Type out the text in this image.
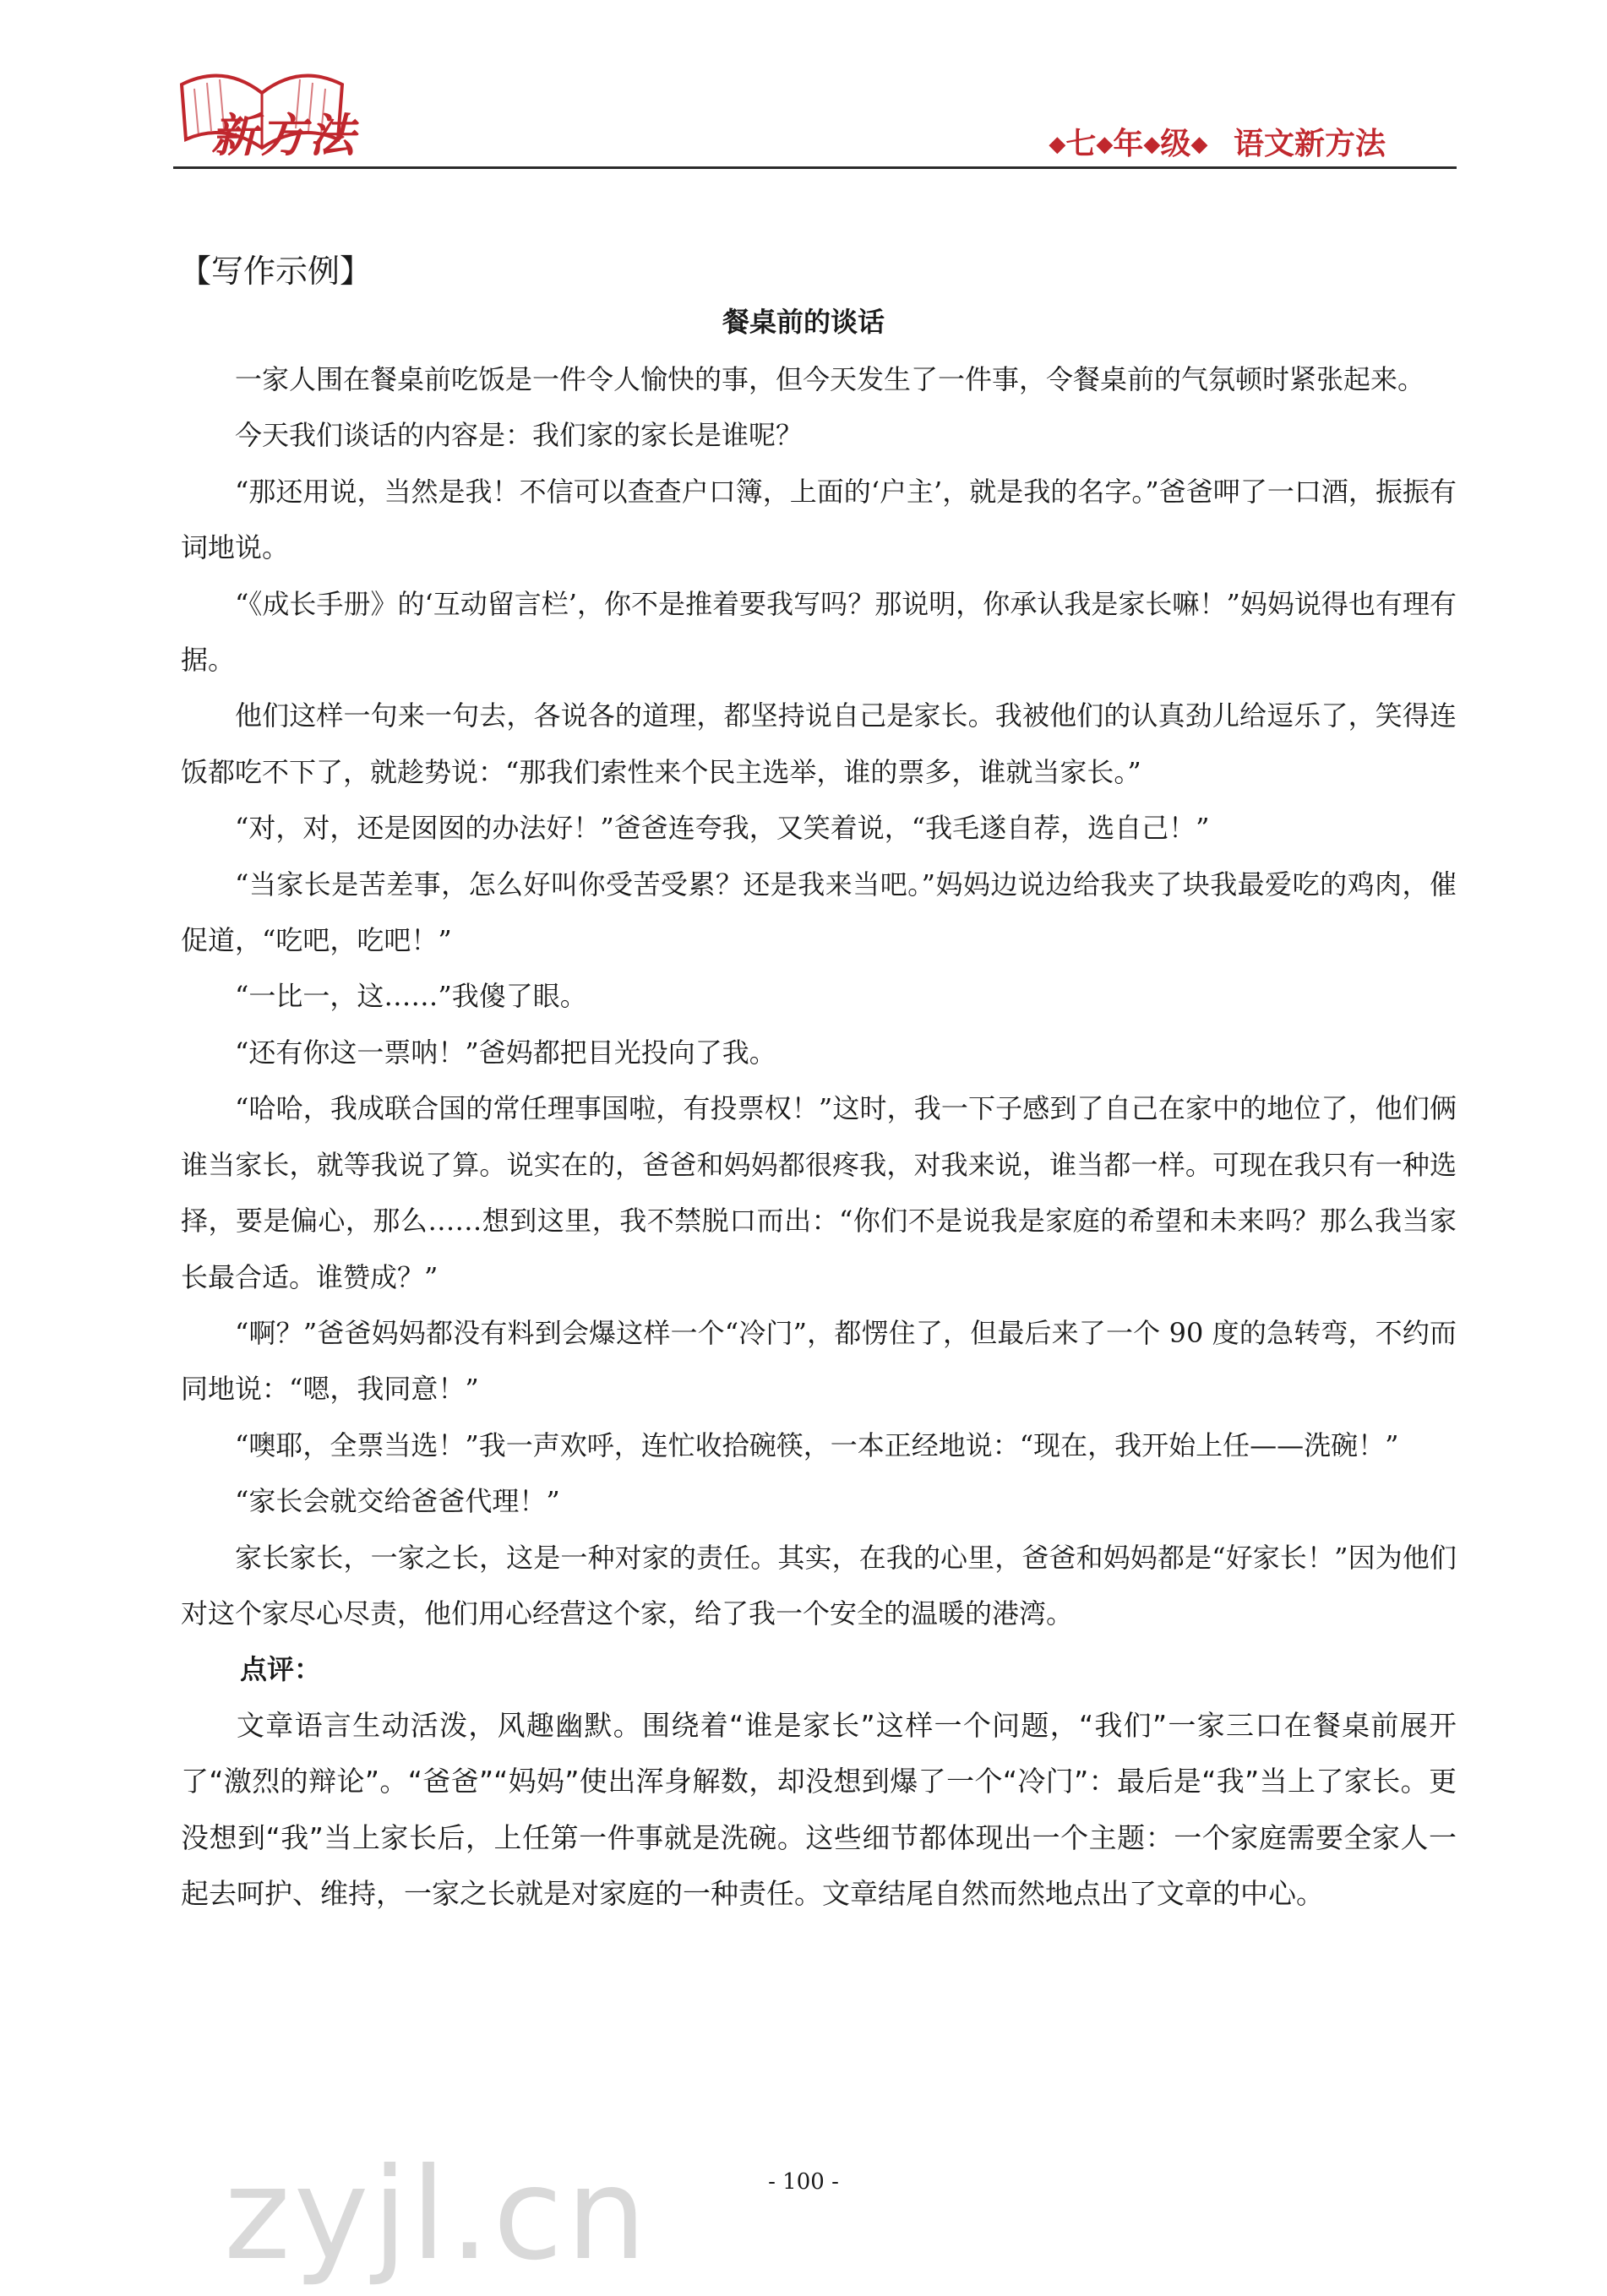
新方法	◆七◆年◆级◆ 语文新方法
【写作示例】
餐桌前的谈话

一家人围在餐桌前吃饭是一件令人愉快的事，但今天发生了一件事，令餐桌前的气氛顿时紧张起来。

今天我们谈话的内容是：我们家的家长是谁呢？

“那还用说，当然是我！不信可以查查户口簿，上面的‘户主’，就是我的名字。”爸爸呷了一口酒，振振有词地说。

“《成长手册》的‘互动留言栏’，你不是推着要我写吗？那说明，你承认我是家长嘛！”妈妈说得也有理有据。

他们这样一句来一句去，各说各的道理，都坚持说自己是家长。我被他们的认真劲儿给逗乐了，笑得连饭都吃不下了，就趁势说：“那我们索性来个民主选举，谁的票多，谁就当家长。”

“对，对，还是囡囡的办法好！”爸爸连夸我，又笑着说，“我毛遂自荐，选自己！”

“当家长是苦差事，怎么好叫你受苦受累？还是我来当吧。”妈妈边说边给我夹了块我最爱吃的鸡肉，催促道，“吃吧，吃吧！”

“一比一，这……”我傻了眼。

“还有你这一票呐！”爸妈都把目光投向了我。

“哈哈，我成联合国的常任理事国啦，有投票权！”这时，我一下子感到了自己在家中的地位了，他们俩谁当家长，就等我说了算。说实在的，爸爸和妈妈都很疼我，对我来说，谁当都一样。可现在我只有一种选择，要是偏心，那么……想到这里，我不禁脱口而出：“你们不是说我是家庭的希望和未来吗？那么我当家长最合适。谁赞成？”

“啊？”爸爸妈妈都没有料到会爆这样一个“冷门”，都愣住了，但最后来了一个 90 度的急转弯，不约而同地说：“嗯，我同意！”

“噢耶，全票当选！”我一声欢呼，连忙收拾碗筷，一本正经地说：“现在，我开始上任——洗碗！”

“家长会就交给爸爸代理！”

家长家长，一家之长，这是一种对家的责任。其实，在我的心里，爸爸和妈妈都是“好家长！”因为他们对这个家尽心尽责，他们用心经营这个家，给了我一个安全的温暖的港湾。

点评：

文章语言生动活泼，风趣幽默。围绕着“谁是家长”这样一个问题，“我们”一家三口在餐桌前展开了“激烈的辩论”。“爸爸”“妈妈”使出浑身解数，却没想到爆了一个“冷门”：最后是“我”当上了家长。更没想到“我”当上家长后，上任第一件事就是洗碗。这些细节都体现出一个主题：一个家庭需要全家人一起去呵护、维持，一家之长就是对家庭的一种责任。文章结尾自然而然地点出了文章的中心。

zyjl.cn	- 100 -
